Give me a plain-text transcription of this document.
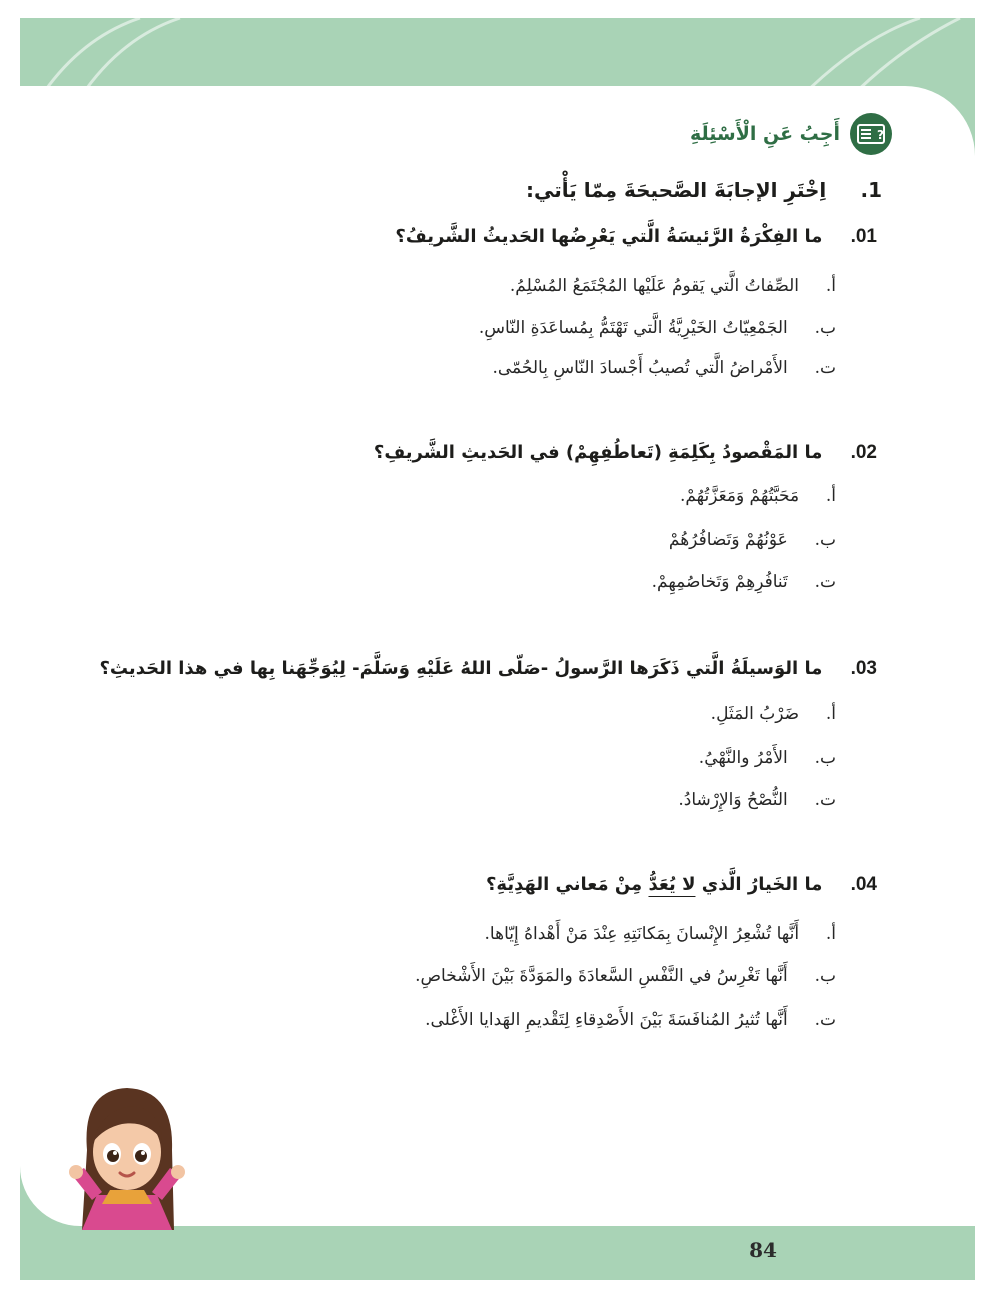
?
أَجِبُ عَنِ الْأَسْئِلَةِ
1.  اِخْتَرِ الإجابَةَ الصَّحيحَةَ مِمّا يَأْتي:
01.  ما الفِكْرَةُ الرَّئيسَةُ الَّتي يَعْرِضُها الحَديثُ الشَّريفُ؟
أ.  الصِّفاتُ الَّتي يَقومُ عَلَيْها المُجْتَمَعُ المُسْلِمُ.
ب.  الجَمْعِيّاتُ الخَيْرِيَّةُ الَّتي تَهْتَمُّ بِمُساعَدَةِ النّاسِ.
ت.  الأَمْراضُ الَّتي تُصيبُ أَجْسادَ النّاسِ بِالحُمّى.
02.  ما المَقْصودُ بِكَلِمَةِ (تَعاطُفِهِمْ) في الحَديثِ الشَّريفِ؟
أ.  مَحَبَّتُهُمْ وَمَعَزَّتُهُمْ.
ب.  عَوْنُهُمْ وَتَضافُرُهُمْ
ت.  تَنافُرِهِمْ وَتَخاصُمِهِمْ.
03.  ما الوَسيلَةُ الَّتي ذَكَرَها الرَّسولُ -صَلّى اللهُ عَلَيْهِ وَسَلَّمَ- لِيُوَجِّهَنا بِها في هذا الحَديثِ؟
أ.  ضَرْبُ المَثَلِ.
ب.  الأَمْرُ والنَّهْيُ.
ت.  النُّصْحُ وَالإِرْشادُ.
04.  ما الخَيارُ الَّذي لا يُعَدُّ مِنْ مَعاني الهَدِيَّةِ؟
أ.  أَنَّها تُشْعِرُ الإِنْسانَ بِمَكانَتِهِ عِنْدَ مَنْ أَهْداهُ إِيّاها.
ب.  أَنَّها تَغْرِسُ في النَّفْسِ السَّعادَةَ والمَوَدَّةَ بَيْنَ الأَشْخاصِ.
ت.  أَنَّها تُثيرُ المُنافَسَةَ بَيْنَ الأَصْدِقاءِ لِتَقْديمِ الهَدايا الأَغْلى.
84
